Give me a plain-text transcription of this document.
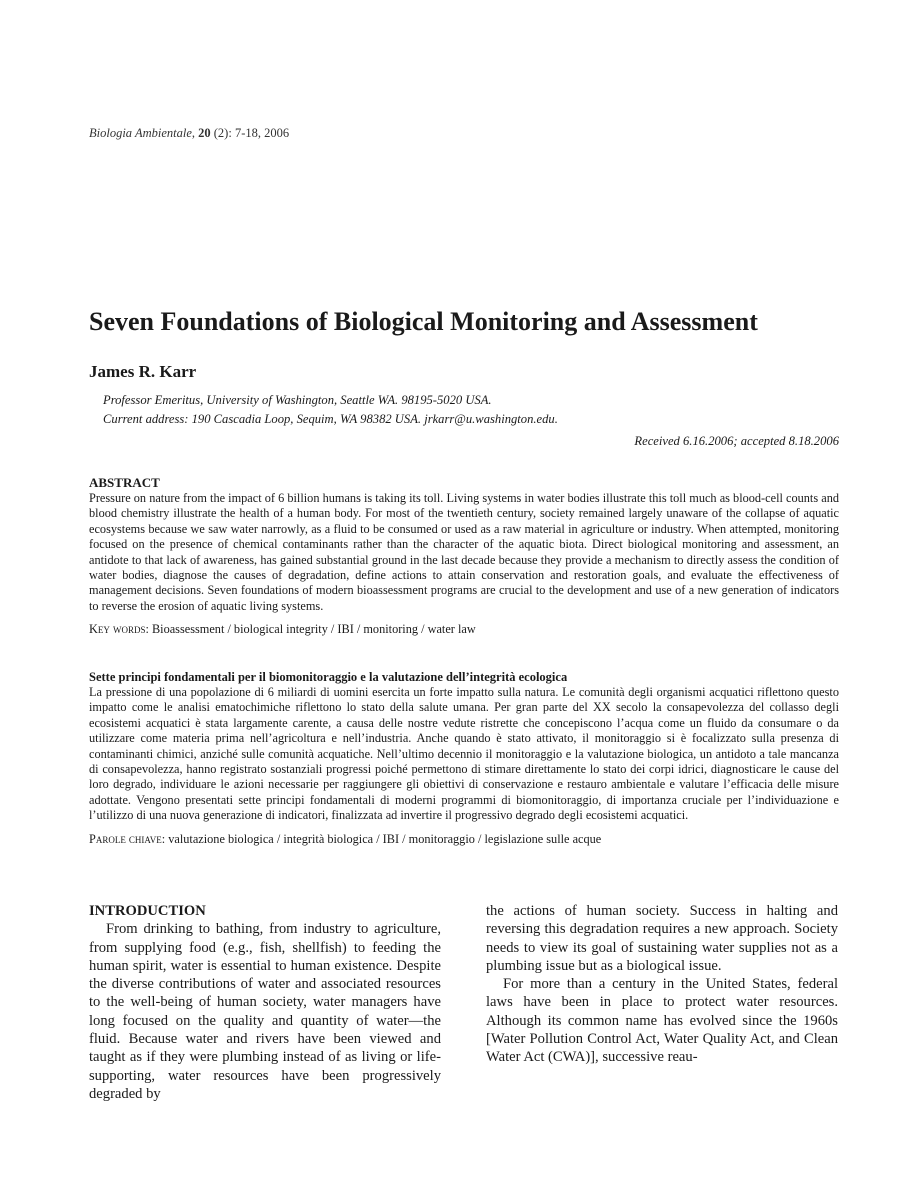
Biologia Ambientale, 20 (2): 7-18, 2006
Seven Foundations of Biological Monitoring and Assessment
James R. Karr
Professor Emeritus, University of Washington, Seattle WA. 98195-5020 USA.
Current address: 190 Cascadia Loop, Sequim, WA 98382 USA. jrkarr@u.washington.edu.
Received 6.16.2006; accepted 8.18.2006
ABSTRACT

Pressure on nature from the impact of 6 billion humans is taking its toll. Living systems in water bodies illustrate this toll much as blood-cell counts and blood chemistry illustrate the health of a human body. For most of the twentieth century, society remained largely unaware of the collapse of aquatic ecosystems because we saw water narrowly, as a fluid to be consumed or used as a raw material in agriculture or industry. When attempted, monitoring focused on the presence of chemical contaminants rather than the character of the aquatic biota. Direct biological monitoring and assessment, an antidote to that lack of awareness, has gained substantial ground in the last decade because they provide a mechanism to directly assess the condition of water bodies, diagnose the causes of degradation, define actions to attain conservation and restoration goals, and evaluate the effectiveness of management decisions. Seven foundations of modern bioassessment programs are crucial to the development and use of a new generation of indicators to reverse the erosion of aquatic living systems.

Key words: Bioassessment / biological integrity / IBI / monitoring / water law
Sette principi fondamentali per il biomonitoraggio e la valutazione dell’integrità ecologica

La pressione di una popolazione di 6 miliardi di uomini esercita un forte impatto sulla natura. Le comunità degli organismi acquatici riflettono questo impatto come le analisi ematochimiche riflettono lo stato della salute umana. Per gran parte del XX secolo la consapevolezza del collasso degli ecosistemi acquatici è stata largamente carente, a causa delle nostre vedute ristrette che concepiscono l’acqua come un fluido da consumare o da utilizzare come materia prima nell’agricoltura e nell’industria. Anche quando è stato attivato, il monitoraggio si è focalizzato sulla presenza di contaminanti chimici, anziché sulle comunità acquatiche. Nell’ultimo decennio il monitoraggio e la valutazione biologica, un antidoto a tale mancanza di consapevolezza, hanno registrato sostanziali progressi poiché permettono di stimare direttamente lo stato dei corpi idrici, diagnosticare le cause del loro degrado, individuare le azioni necessarie per raggiungere gli obiettivi di conservazione e restauro ambientale e valutare l’efficacia delle misure adottate. Vengono presentati sette principi fondamentali di moderni programmi di biomonitoraggio, di importanza cruciale per l’individuazione e l’utilizzo di una nuova generazione di indicatori, finalizzata ad invertire il progressivo degrado degli ecosistemi acquatici.

Parole chiave: valutazione biologica / integrità biologica / IBI / monitoraggio / legislazione sulle acque
INTRODUCTION

From drinking to bathing, from industry to agriculture, from supplying food (e.g., fish, shellfish) to feeding the human spirit, water is essential to human existence. Despite the diverse contributions of water and associated resources to the well-being of human society, water managers have long focused on the quality and quantity of water—the fluid. Because water and rivers have been viewed and taught as if they were plumbing instead of as living or life-supporting, water resources have been progressively degraded by

the actions of human society. Success in halting and reversing this degradation requires a new approach. Society needs to view its goal of sustaining water supplies not as a plumbing issue but as a biological issue.

For more than a century in the United States, federal laws have been in place to protect water resources. Although its common name has evolved since the 1960s [Water Pollution Control Act, Water Quality Act, and Clean Water Act (CWA)], successive reau-
